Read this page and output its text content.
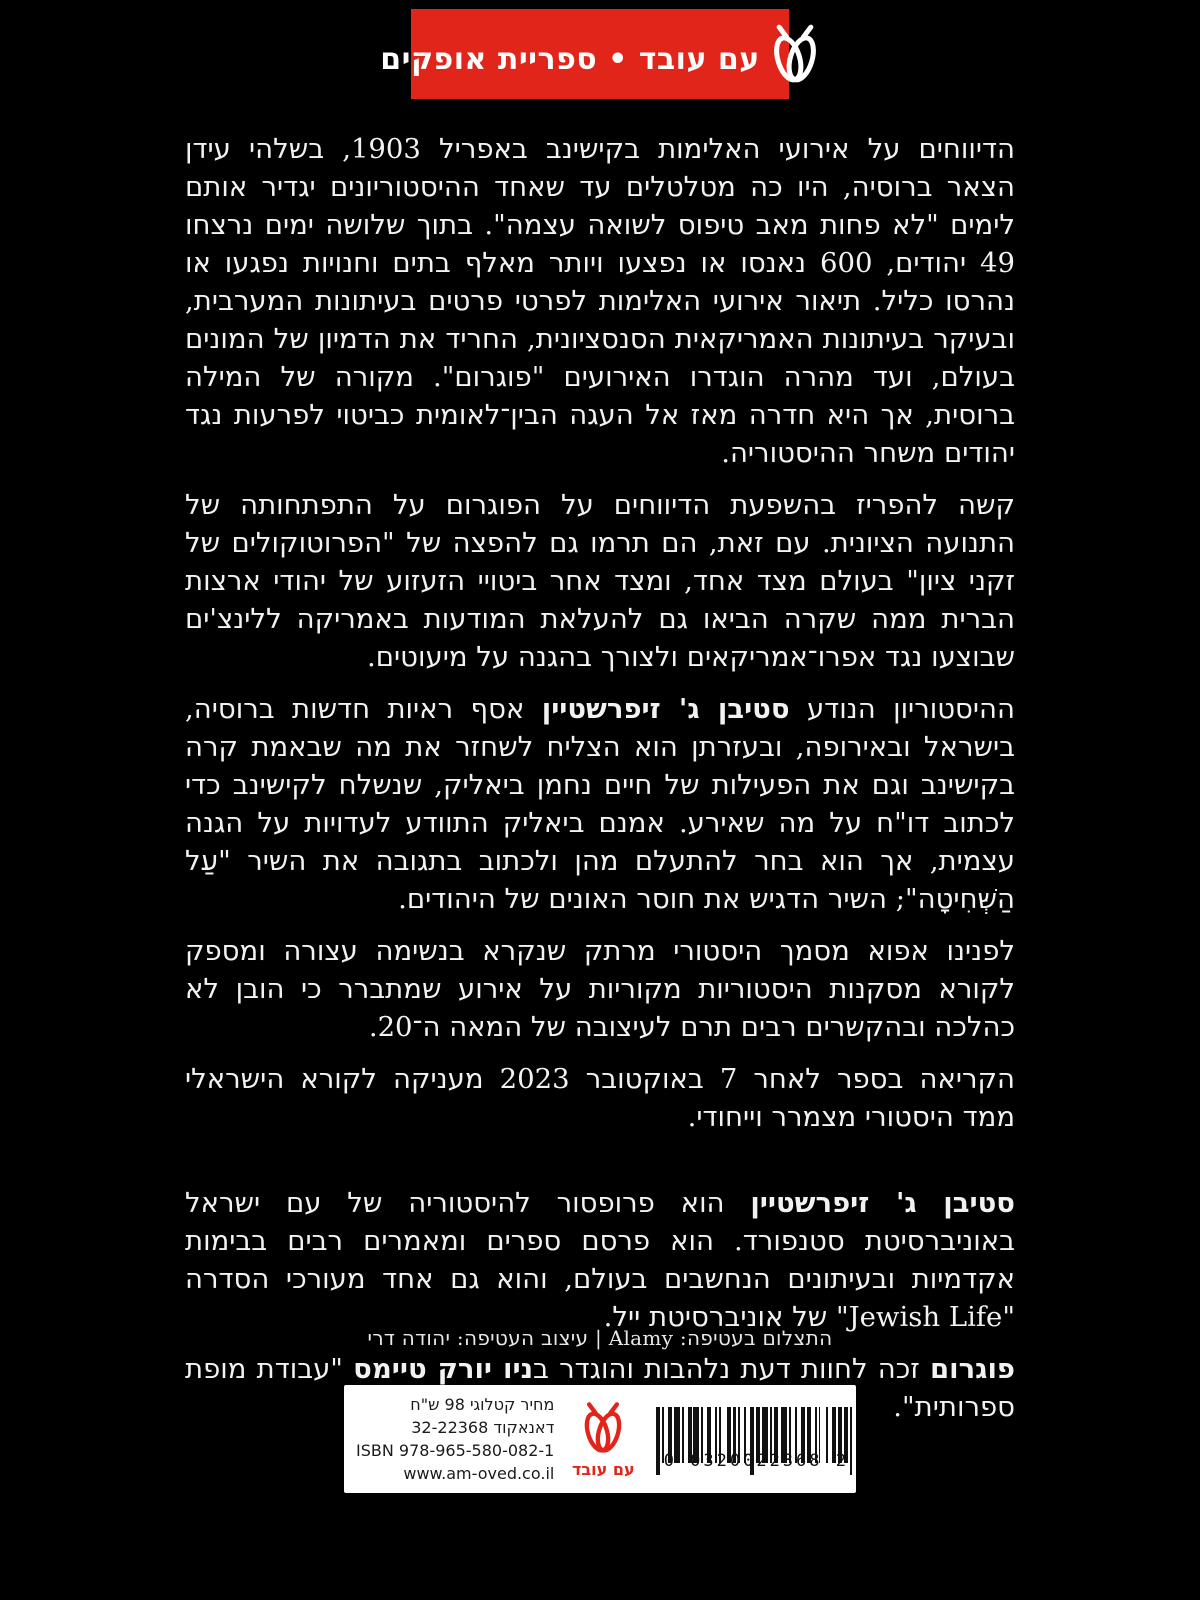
עם עובד • ספריית אופקים

הדיווחים על אירועי האלימות בקישינב באפריל 1903, בשלהי עידן הצאר ברוסיה, היו כה מטלטלים עד שאחד ההיסטוריונים יגדיר אותם לימים "לא פחות מאב טיפוס לשואה עצמה". בתוך שלושה ימים נרצחו 49 יהודים, 600 נאנסו או נפצעו ויותר מאלף בתים וחנויות נפגעו או נהרסו כליל. תיאור אירועי האלימות לפרטי פרטים בעיתונות המערבית, ובעיקר בעיתונות האמריקאית הסנסציונית, החריד את הדמיון של המונים בעולם, ועד מהרה הוגדרו האירועים "פוגרום". מקורה של המילה ברוסית, אך היא חדרה מאז אל העגה הבין־לאומית כביטוי לפרעות נגד יהודים משחר ההיסטוריה.

קשה להפריז בהשפעת הדיווחים על הפוגרום על התפתחותה של התנועה הציונית. עם זאת, הם תרמו גם להפצה של "הפרוטוקולים של זקני ציון" בעולם מצד אחד, ומצד אחר ביטויי הזעזוע של יהודי ארצות הברית ממה שקרה הביאו גם להעלאת המודעות באמריקה ללינצ'ים שבוצעו נגד אפרו־אמריקאים ולצורך בהגנה על מיעוטים.

ההיסטוריון הנודע סטיבן ג' זיפרשטיין אסף ראיות חדשות ברוסיה, בישראל ובאירופה, ובעזרתן הוא הצליח לשחזר את מה שבאמת קרה בקישינב וגם את הפעילות של חיים נחמן ביאליק, שנשלח לקישינב כדי לכתוב דו"ח על מה שאירע. אמנם ביאליק התוודע לעדויות על הגנה עצמית, אך הוא בחר להתעלם מהן ולכתוב בתגובה את השיר "עַל הַשְּׁחִיטָה"; השיר הדגיש את חוסר האונים של היהודים.

לפנינו אפוא מסמך היסטורי מרתק שנקרא בנשימה עצורה ומספק לקורא מסקנות היסטוריות מקוריות על אירוע שמתברר כי הובן לא כהלכה ובהקשרים רבים תרם לעיצובה של המאה ה־20.

הקריאה בספר לאחר 7 באוקטובר 2023 מעניקה לקורא הישראלי ממד היסטורי מצמרר וייחודי.

סטיבן ג' זיפרשטיין הוא פרופסור להיסטוריה של עם ישראל באוניברסיטת סטנפורד. הוא פרסם ספרים ומאמרים רבים בבימות אקדמיות ובעיתונים הנחשבים בעולם, והוא גם אחד מעורכי הסדרה "Jewish Life" של אוניברסיטת ייל.

פוגרום זכה לחוות דעת נלהבות והוגדר בניו יורק טיימס "עבודת מופת ספרותית".

התצלום בעטיפה: Alamy | עיצוב העטיפה: יהודה דרי
מחיר קטלוגי 98 ש"ח
דאנאקוד 32-22368
ISBN 978-965-580-082-1
www.am-oved.co.il עם עובד	0 0320022368 2
